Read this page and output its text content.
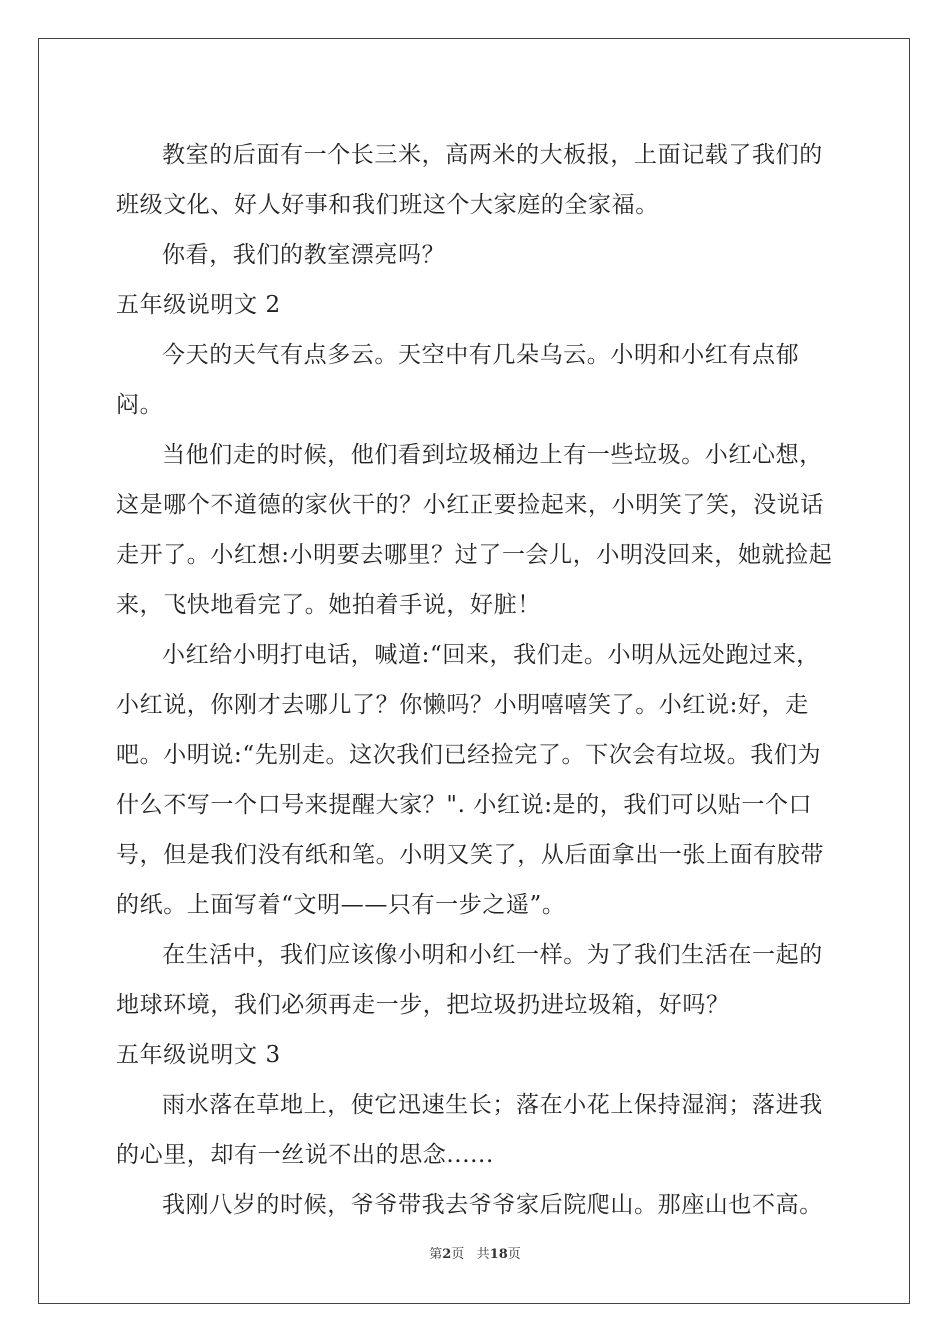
教室的后面有一个长三米，高两米的大板报，上面记载了我们的班级文化、好人好事和我们班这个大家庭的全家福。

你看，我们的教室漂亮吗？

五年级说明文 2

今天的天气有点多云。天空中有几朵乌云。小明和小红有点郁闷。

当他们走的时候，他们看到垃圾桶边上有一些垃圾。小红心想，这是哪个不道德的家伙干的？小红正要捡起来，小明笑了笑，没说话走开了。小红想:小明要去哪里？过了一会儿，小明没回来，她就捡起来，飞快地看完了。她拍着手说，好脏！

小红给小明打电话，喊道:“回来，我们走。小明从远处跑过来，小红说，你刚才去哪儿了？你懒吗？小明嘻嘻笑了。小红说:好，走吧。小明说:“先别走。这次我们已经捡完了。下次会有垃圾。我们为什么不写一个口号来提醒大家？". 小红说:是的，我们可以贴一个口号，但是我们没有纸和笔。小明又笑了，从后面拿出一张上面有胶带的纸。上面写着“文明——只有一步之遥”。

在生活中，我们应该像小明和小红一样。为了我们生活在一起的地球环境，我们必须再走一步，把垃圾扔进垃圾箱，好吗？

五年级说明文 3

雨水落在草地上，使它迅速生长；落在小花上保持湿润；落进我的心里，却有一丝说不出的思念......

我刚八岁的时候，爷爷带我去爷爷家后院爬山。那座山也不高。

第2页 共18页
